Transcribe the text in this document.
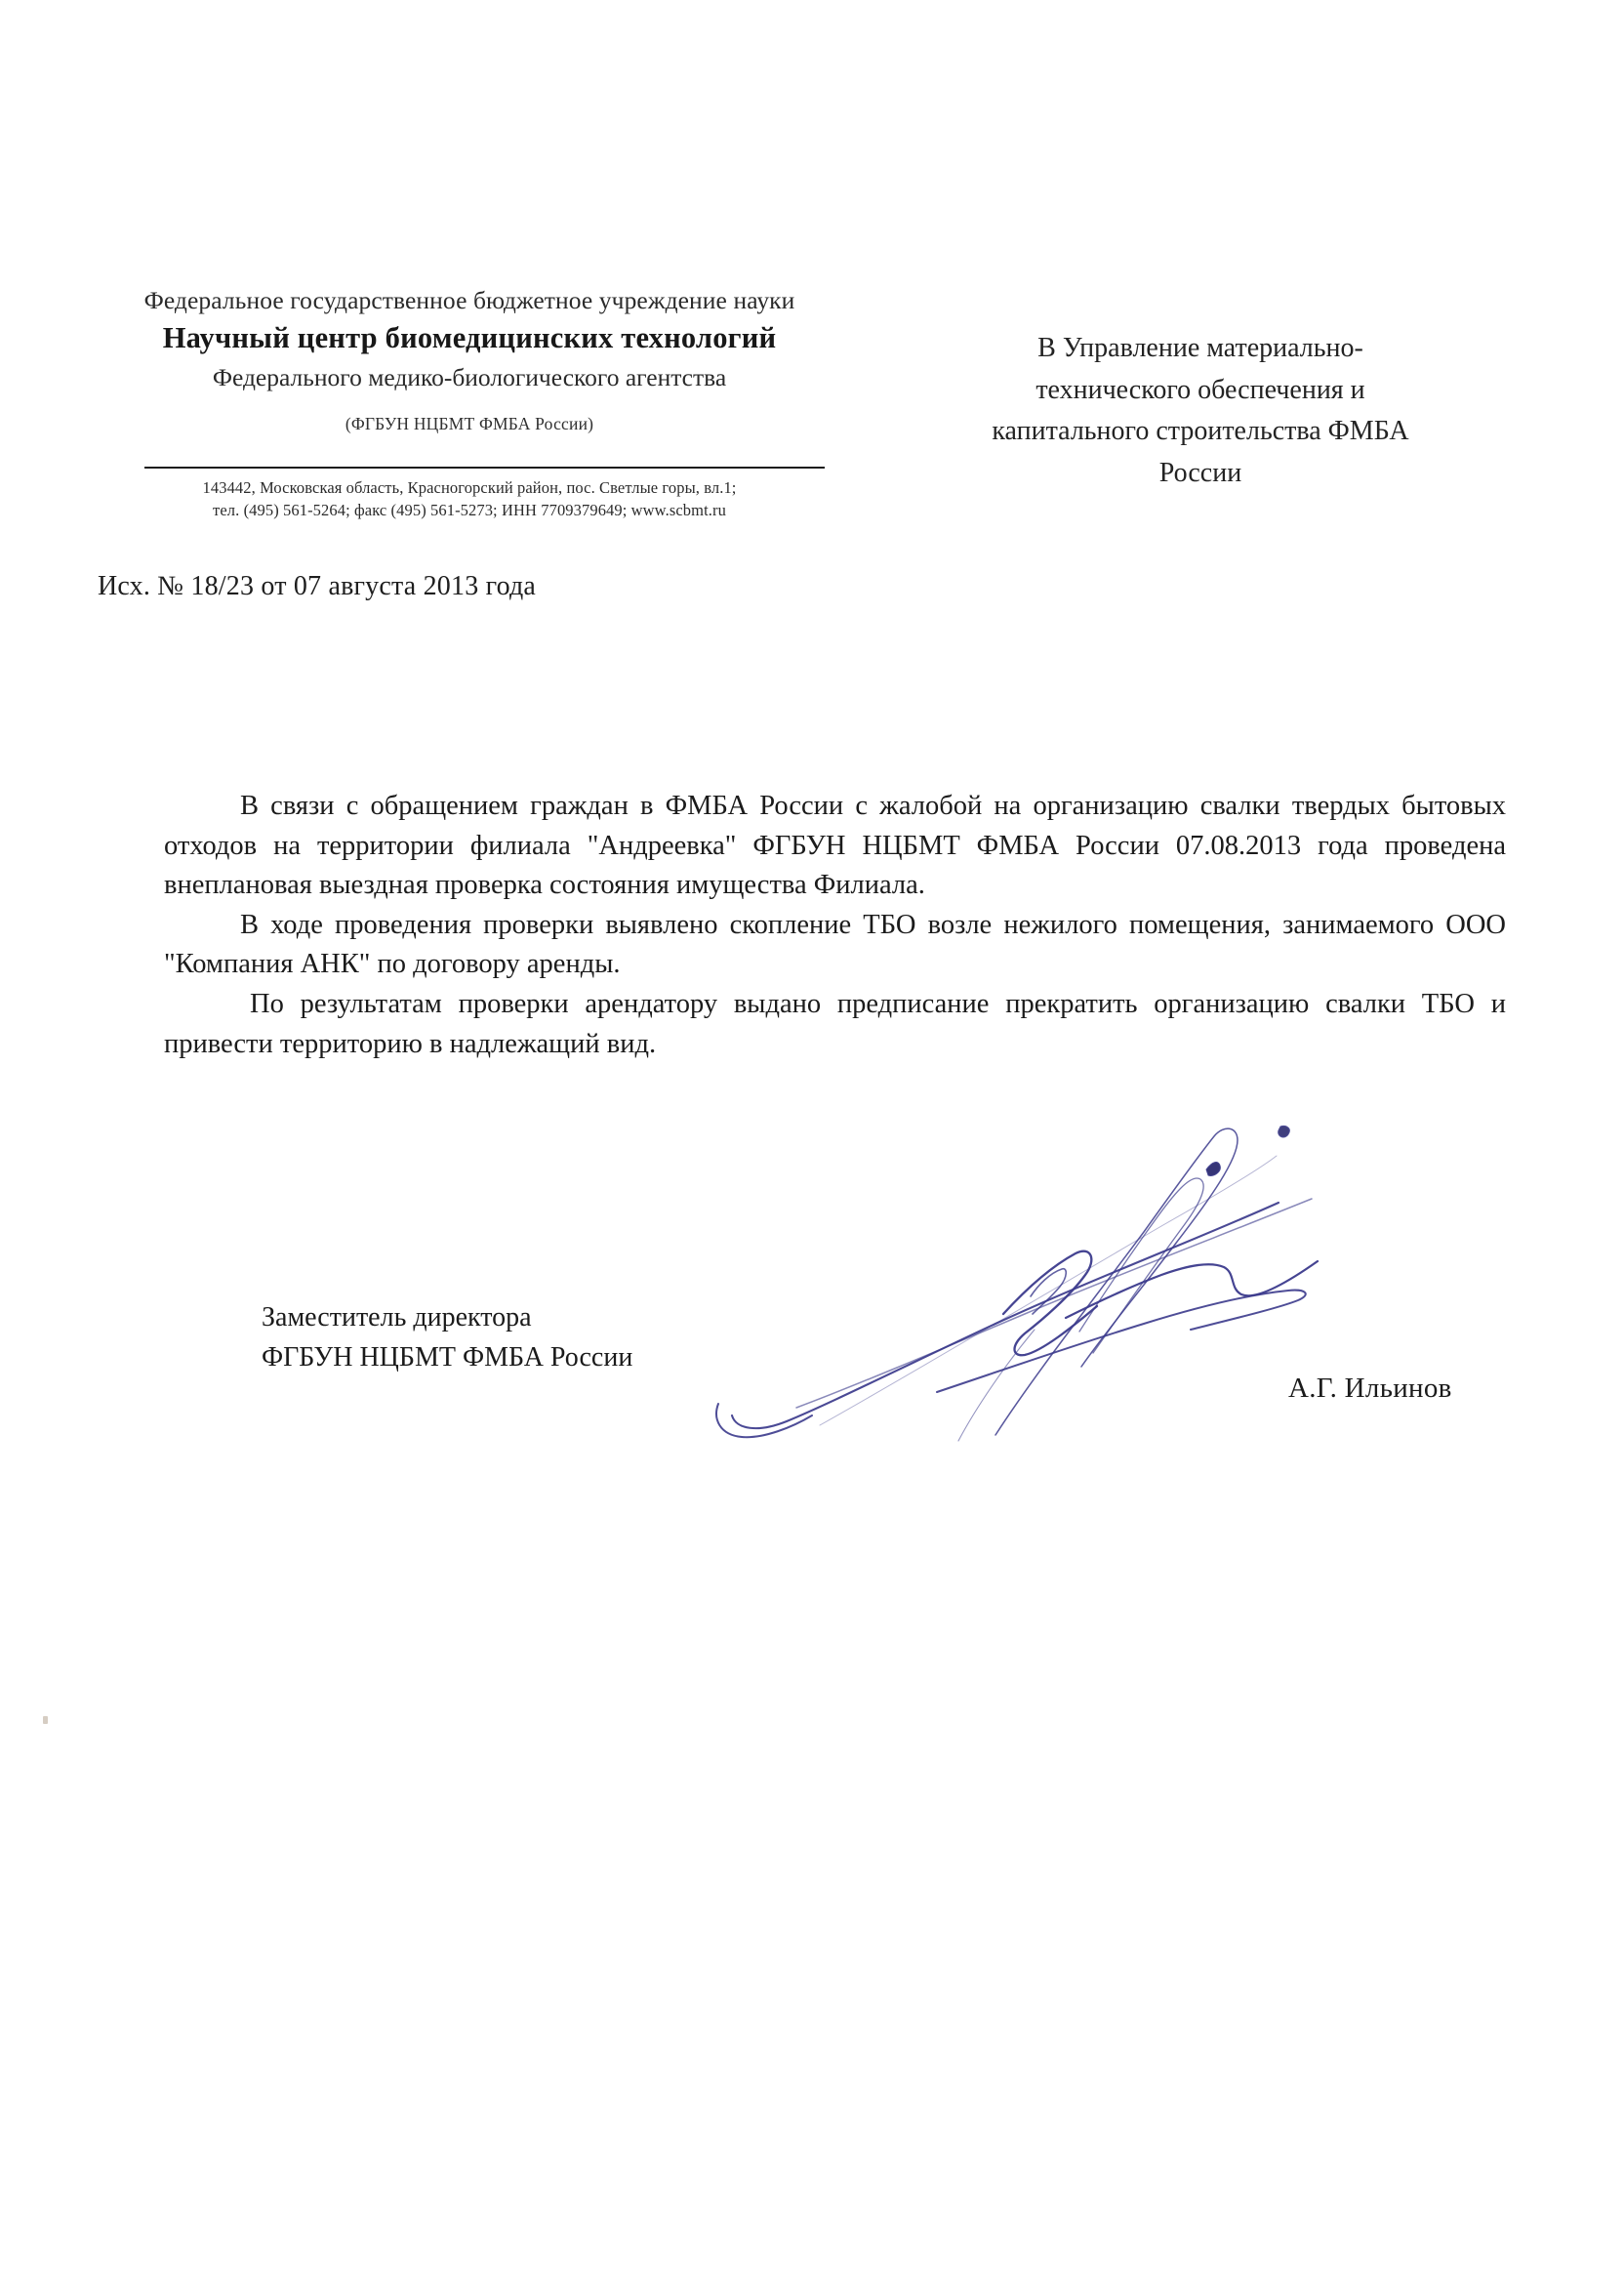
Федеральное государственное бюджетное учреждение науки
Научный центр биомедицинских технологий
Федерального медико-биологического агентства
(ФГБУН НЦБМТ ФМБА России)
143442, Московская область, Красногорский район, пос. Светлые горы, вл.1;
тел. (495) 561-5264; факс (495) 561-5273; ИНН 7709379649; www.scbmt.ru
В Управление материально-
технического обеспечения и
капитального строительства ФМБА
России
Исх. № 18/23 от 07 августа 2013 года

В связи с обращением граждан в ФМБА России с жалобой на организацию свалки твердых бытовых отходов на территории филиала "Андреевка" ФГБУН НЦБМТ ФМБА России 07.08.2013 года проведена внеплановая выездная проверка состояния имущества Филиала.

В ходе проведения проверки выявлено скопление ТБО возле нежилого помещения, занимаемого ООО "Компания АНК" по договору аренды.

По результатам проверки арендатору выдано предписание прекратить организацию свалки ТБО и привести территорию в надлежащий вид.

Заместитель директора
ФГБУН НЦБМТ ФМБА России
А.Г. Ильинов
